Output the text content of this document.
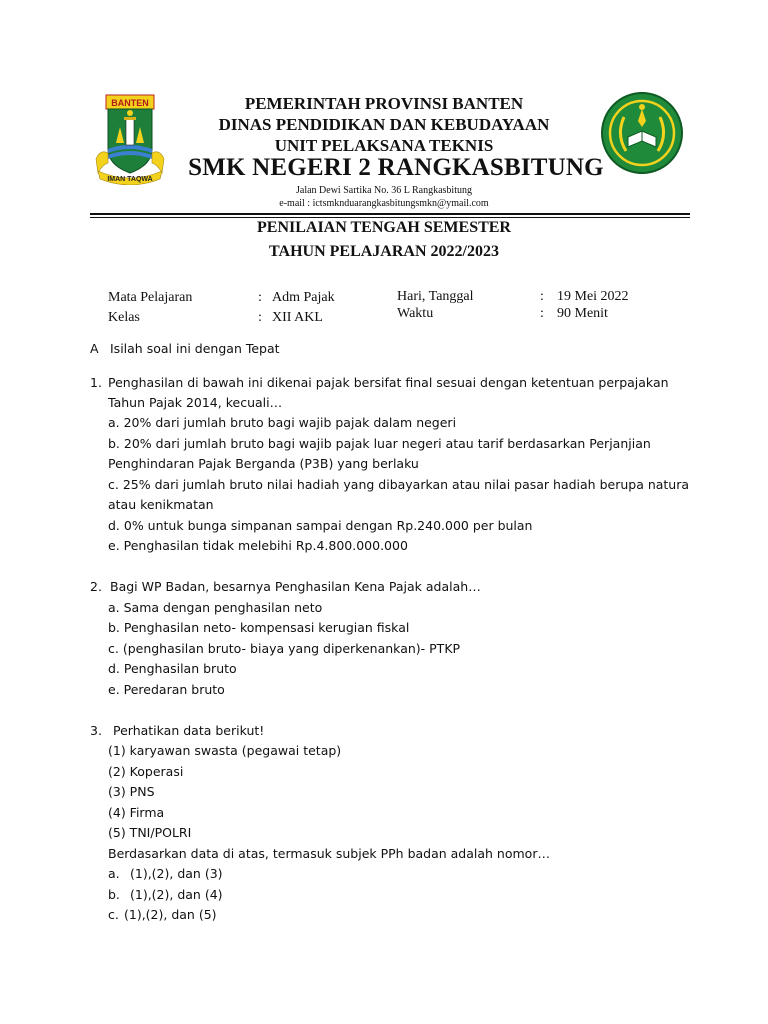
BANTEN
IMAN TAQWA
PEMERINTAH PROVINSI BANTEN
DINAS PENDIDIKAN DAN KEBUDAYAAN
UNIT PELAKSANA TEKNIS
SMK NEGERI 2 RANGKASBITUNG
Jalan Dewi Sartika No. 36 L Rangkasbitung
e-mail : ictsmknduarangkasbitungsmkn@ymail.com
PENILAIAN TENGAH SEMESTER
TAHUN PELAJARAN 2022/2023
Mata Pelajaran	: Adm Pajak
Kelas	: XII AKL
Hari, Tanggal	: 19 Mei 2022
Waktu	: 90 Menit
A Isilah soal ini dengan Tepat
1. Penghasilan di bawah ini dikenai pajak bersifat final sesuai dengan ketentuan perpajakan
Tahun Pajak 2014, kecuali…
a. 20% dari jumlah bruto bagi wajib pajak dalam negeri
b. 20% dari jumlah bruto bagi wajib pajak luar negeri atau tarif berdasarkan Perjanjian
Penghindaran Pajak Berganda (P3B) yang berlaku
c. 25% dari jumlah bruto nilai hadiah yang dibayarkan atau nilai pasar hadiah berupa natura
atau kenikmatan
d. 0% untuk bunga simpanan sampai dengan Rp.240.000 per bulan
e. Penghasilan tidak melebihi Rp.4.800.000.000
2. Bagi WP Badan, besarnya Penghasilan Kena Pajak adalah…
a. Sama dengan penghasilan neto
b. Penghasilan neto- kompensasi kerugian fiskal
c. (penghasilan bruto- biaya yang diperkenankan)- PTKP
d. Penghasilan bruto
e. Peredaran bruto
3. Perhatikan data berikut!
(1) karyawan swasta (pegawai tetap)
(2) Koperasi
(3) PNS
(4) Firma
(5) TNI/POLRI
Berdasarkan data di atas, termasuk subjek PPh badan adalah nomor…
a. (1),(2), dan (3)
b. (1),(2), dan (4)
c. (1),(2), dan (5)
